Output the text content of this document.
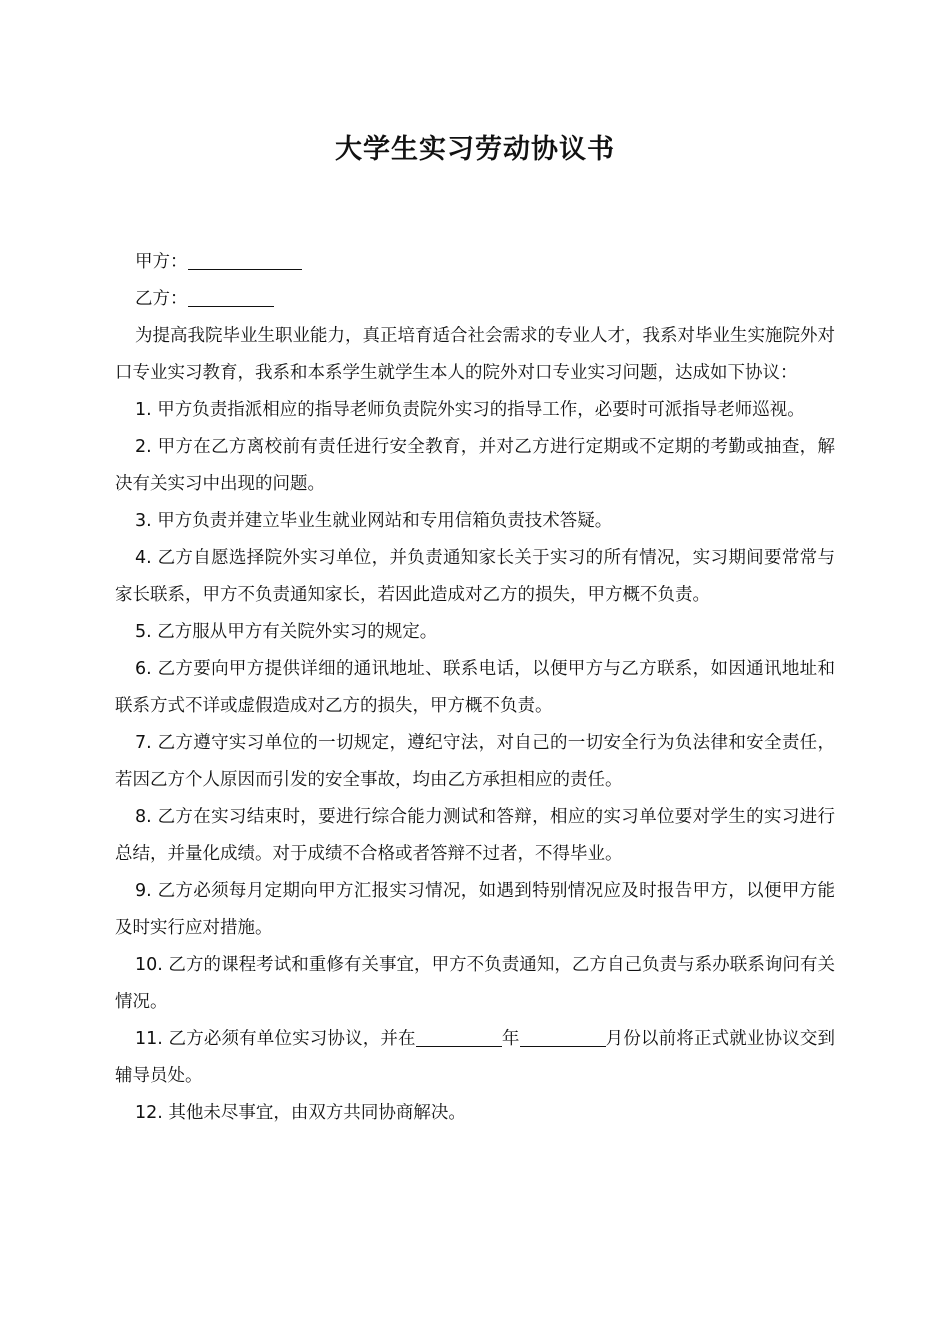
大学生实习劳动协议书

甲方：

乙方：

为提高我院毕业生职业能力，真正培育适合社会需求的专业人才，我系对毕业生实施院外对口专业实习教育，我系和本系学生就学生本人的院外对口专业实习问题，达成如下协议：

1. 甲方负责指派相应的指导老师负责院外实习的指导工作，必要时可派指导老师巡视。

2. 甲方在乙方离校前有责任进行安全教育，并对乙方进行定期或不定期的考勤或抽查，解决有关实习中出现的问题。

3. 甲方负责并建立毕业生就业网站和专用信箱负责技术答疑。

4. 乙方自愿选择院外实习单位，并负责通知家长关于实习的所有情况，实习期间要常常与家长联系，甲方不负责通知家长，若因此造成对乙方的损失，甲方概不负责。

5. 乙方服从甲方有关院外实习的规定。

6. 乙方要向甲方提供详细的通讯地址、联系电话，以便甲方与乙方联系，如因通讯地址和联系方式不详或虚假造成对乙方的损失，甲方概不负责。

7. 乙方遵守实习单位的一切规定，遵纪守法，对自己的一切安全行为负法律和安全责任，若因乙方个人原因而引发的安全事故，均由乙方承担相应的责任。

8. 乙方在实习结束时，要进行综合能力测试和答辩，相应的实习单位要对学生的实习进行总结，并量化成绩。对于成绩不合格或者答辩不过者，不得毕业。

9. 乙方必须每月定期向甲方汇报实习情况，如遇到特别情况应及时报告甲方，以便甲方能及时实行应对措施。

10. 乙方的课程考试和重修有关事宜，甲方不负责通知，乙方自己负责与系办联系询问有关情况。

11. 乙方必须有单位实习协议，并在	年	月份以前将正式就业协议交到辅导员处。

12. 其他未尽事宜，由双方共同协商解决。
